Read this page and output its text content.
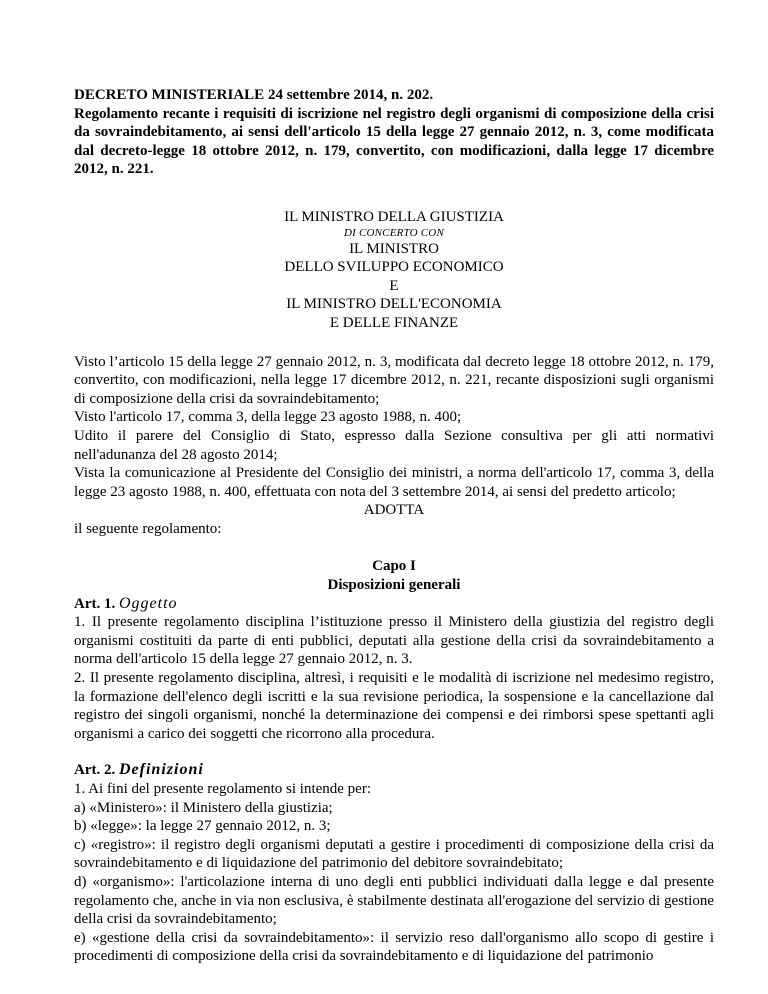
DECRETO MINISTERIALE 24 settembre 2014, n. 202.

Regolamento recante i requisiti di iscrizione nel registro degli organismi di composizione della crisi da sovraindebitamento, ai sensi dell'articolo 15 della legge 27 gennaio 2012, n. 3, come modificata dal decreto-legge 18 ottobre 2012, n. 179, convertito, con modificazioni, dalla legge 17 dicembre 2012, n. 221.

IL MINISTRO DELLA GIUSTIZIA
DI CONCERTO CON
IL MINISTRO
DELLO SVILUPPO ECONOMICO
E
IL MINISTRO DELL'ECONOMIA
E DELLE FINANZE

Visto l’articolo 15 della legge 27 gennaio 2012, n. 3, modificata dal decreto legge 18 ottobre 2012, n. 179, convertito, con modificazioni, nella legge 17 dicembre 2012, n. 221, recante disposizioni sugli organismi di composizione della crisi da sovraindebitamento;

Visto l'articolo 17, comma 3, della legge 23 agosto 1988, n. 400;

Udito il parere del Consiglio di Stato, espresso dalla Sezione consultiva per gli atti normativi nell'adunanza del 28 agosto 2014;

Vista la comunicazione al Presidente del Consiglio dei ministri, a norma dell'articolo 17, comma 3, della legge 23 agosto 1988, n. 400, effettuata con nota del 3 settembre 2014, ai sensi del predetto articolo;

ADOTTA

il seguente regolamento:

Capo I
Disposizioni generali

Art. 1. Oggetto

1. Il presente regolamento disciplina l’istituzione presso il Ministero della giustizia del registro degli organismi costituiti da parte di enti pubblici, deputati alla gestione della crisi da sovraindebitamento a norma dell'articolo 15 della legge 27 gennaio 2012, n. 3.

2. Il presente regolamento disciplina, altresì, i requisiti e le modalità di iscrizione nel medesimo registro, la formazione dell'elenco degli iscritti e la sua revisione periodica, la sospensione e la cancellazione dal registro dei singoli organismi, nonché la determinazione dei compensi e dei rimborsi spese spettanti agli organismi a carico dei soggetti che ricorrono alla procedura.

Art. 2. Definizioni

1. Ai fini del presente regolamento si intende per:

a) «Ministero»: il Ministero della giustizia;

b) «legge»: la legge 27 gennaio 2012, n. 3;

c) «registro»: il registro degli organismi deputati a gestire i procedimenti di composizione della crisi da sovraindebitamento e di liquidazione del patrimonio del debitore sovraindebitato;

d) «organismo»: l'articolazione interna di uno degli enti pubblici individuati dalla legge e dal presente regolamento che, anche in via non esclusiva, è stabilmente destinata all'erogazione del servizio di gestione della crisi da sovraindebitamento;

e) «gestione della crisi da sovraindebitamento»: il servizio reso dall'organismo allo scopo di gestire i procedimenti di composizione della crisi da sovraindebitamento e di liquidazione del patrimonio
